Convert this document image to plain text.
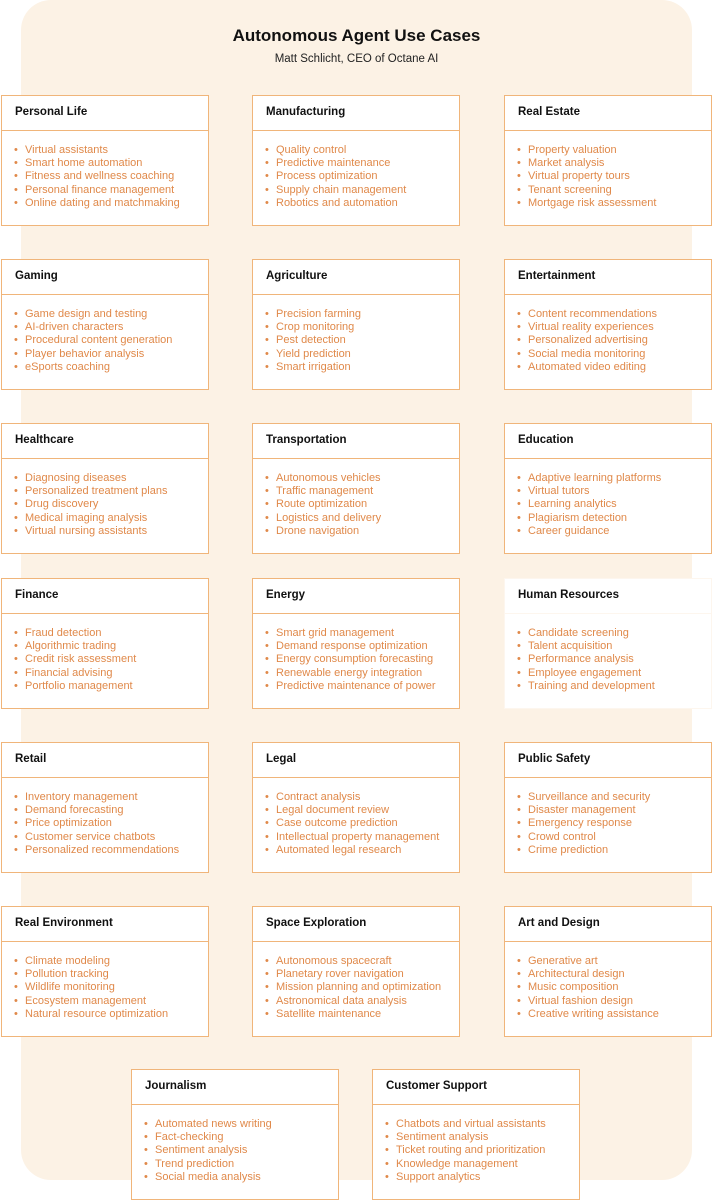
Autonomous Agent Use Cases
Matt Schlicht, CEO of Octane AI
Personal Life
• Virtual assistants
• Smart home automation
• Fitness and wellness coaching
• Personal finance management
• Online dating and matchmaking
Manufacturing
• Quality control
• Predictive maintenance
• Process optimization
• Supply chain management
• Robotics and automation
Real Estate
• Property valuation
• Market analysis
• Virtual property tours
• Tenant screening
• Mortgage risk assessment
Gaming
• Game design and testing
• AI-driven characters
• Procedural content generation
• Player behavior analysis
• eSports coaching
Agriculture
• Precision farming
• Crop monitoring
• Pest detection
• Yield prediction
• Smart irrigation
Entertainment
• Content recommendations
• Virtual reality experiences
• Personalized advertising
• Social media monitoring
• Automated video editing
Healthcare
• Diagnosing diseases
• Personalized treatment plans
• Drug discovery
• Medical imaging analysis
• Virtual nursing assistants
Transportation
• Autonomous vehicles
• Traffic management
• Route optimization
• Logistics and delivery
• Drone navigation
Education
• Adaptive learning platforms
• Virtual tutors
• Learning analytics
• Plagiarism detection
• Career guidance
Finance
• Fraud detection
• Algorithmic trading
• Credit risk assessment
• Financial advising
• Portfolio management
Energy
• Smart grid management
• Demand response optimization
• Energy consumption forecasting
• Renewable energy integration
• Predictive maintenance of power
Human Resources
• Candidate screening
• Talent acquisition
• Performance analysis
• Employee engagement
• Training and development
Retail
• Inventory management
• Demand forecasting
• Price optimization
• Customer service chatbots
• Personalized recommendations
Legal
• Contract analysis
• Legal document review
• Case outcome prediction
• Intellectual property management
• Automated legal research
Public Safety
• Surveillance and security
• Disaster management
• Emergency response
• Crowd control
• Crime prediction
Real Environment
• Climate modeling
• Pollution tracking
• Wildlife monitoring
• Ecosystem management
• Natural resource optimization
Space Exploration
• Autonomous spacecraft
• Planetary rover navigation
• Mission planning and optimization
• Astronomical data analysis
• Satellite maintenance
Art and Design
• Generative art
• Architectural design
• Music composition
• Virtual fashion design
• Creative writing assistance
Journalism
• Automated news writing
• Fact-checking
• Sentiment analysis
• Trend prediction
• Social media analysis
Customer Support
• Chatbots and virtual assistants
• Sentiment analysis
• Ticket routing and prioritization
• Knowledge management
• Support analytics
